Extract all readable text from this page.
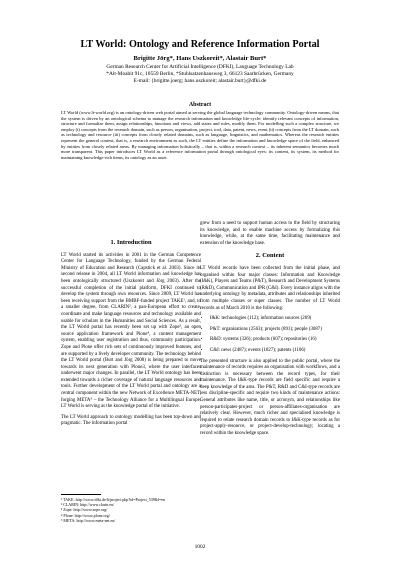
LT World: Ontology and Reference Information Portal
Brigitte Jörg*, Hans Uszkoreit*, Alastair Burt*
German Research Center for Artificial Intelligence (DFKI), Language Technology Lab
*Alt-Moabit 91c, 10559 Berlin, *Stuhlsatzenhausweg 3, 66123 Saarbrücken, Germany
E-mail: {brigitte.joerg; hans.uszkoreit; alastair.burt}@dfki.de
Abstract
LT World (www.lt-world.org) is an ontology-driven web portal aimed at serving the global language technology community. Ontology-driven means, that the system is driven by an ontological schema to manage the research information and knowledge life-cycle: identify relevant concepts of information, structure and formalize them, assign relationships, functions and views, add states and rules, modify them. For modelling such a complex structure, we employ (i) concepts from the research domain, such as person, organisation, project, tool, data, patent, news, event (ii) concepts from the LT domain, such as technology and resource (iii) concepts from closely related domains, such as language, linguistics, and mathematics. Whereas the research entities represent the general context, that is, a research environment as such, the LT entities define the information and knowledge space of the field, enhanced by entities from closely related areas. By managing information holistically – that is, within a research context – its inherent semantics becomes much more transparent. This paper introduces LT World as a reference information portal through ontological eyes: its content, its system, its method for maintaining knowledge-rich items, its ontology as an asset.
1. Introduction

LT World started its activities in 2001 in the German Competence Center for Language Technology, funded by the German Federal Ministry of Education and Research (Capstick et al. 2003). Since its second release in 2004, all LT World information and knowledge has been ontologically structured (Uszkoreit and Jörg 2003). After the successful completion of the initial platform, DFKI continued to develop the system through own resources. Since 2009, LT World has been receiving support from the BMBF-funded project TAKE¹, and, to a smaller degree, from CLARIN², a pan-European effort to create, coordinate and make language resources and technology available and usable for scholars in the Humanities and Social Sciences. As a result, the LT World portal has recently been set up with Zope³, an open source application framework and Plone⁴, a content management system, enabling user registration and thus, community participation. Zope and Plone offer rich sets of continuously improved features, and are supported by a lively developer community. The technology behind the LT World portal (Burt and Jörg 2008) is being prepared to move towards its next generation with Plone3, where the user interfaces underwent major changes. In parallel, the LT World ontology has been extended towards a richer coverage of natural language resources and tools. Further development of the LT World portal and ontology are a central component within the new Network of Excellence META-NET, forging META⁵ – the Technology Alliance for a Multilingual Europe. LT World is serving as the knowledge portal of the initiative.

The LT World approach to ontology modelling has been top-down and pragmatic. The information portal

grew from a need to support human access to the field by structuring its knowledge, and to enable machine access by formalizing this knowledge, while, at the same time, facilitating maintenance and extension of the knowledge base.

2. Content

LT World records have been collected from the initial phase, and organised within four major classes: Information and Knowledge (I&K), Players and Teams (P&T), Research and Development Systems (R&D), Communication and IPR (C&I). Every instance aligns with the underlying ontology by metadata, attributes and relationships inherited from multiple classes or super classes. The number of LT World records as of March 2010 is the following:

• I&K: technologies (112); information sources (269)
• P&T: organisations (2563); projects (891); people (3087)
• R&D: systems (326); products (607); repositories (16)
• C&I: news (2487); events (1827); patents (1106)

The presented structure is also applied to the public portal, where the maintenance of records requires an organisation with workflows, and a distinction is necessary between the record types, for their maintenance. The I&K-type records are field specific and require a deep knowledge of the area. The P&T, R&D and C&I-type records are less discipline-specific and require two kinds of maintenance actions: General attributes like name, title, or acronym, and relationships like person-participates-project or person-affiliates-organisation are relatively clear. However, much richer and specialised knowledge is required to relate research domain records to I&K-type records as for project-apply-resource, or project-develop-technology; locating a record within the knowledge space.

¹ TAKE: http://www.dfki.de/lt/project.php?id=Project_539&l=en
² CLARIN: http://www.clarin.eu/
³ Zope: http://www.zope.org/
⁴ Plone: http://www.plone.org/
⁵ META: http://www.meta-net.eu/
1002
